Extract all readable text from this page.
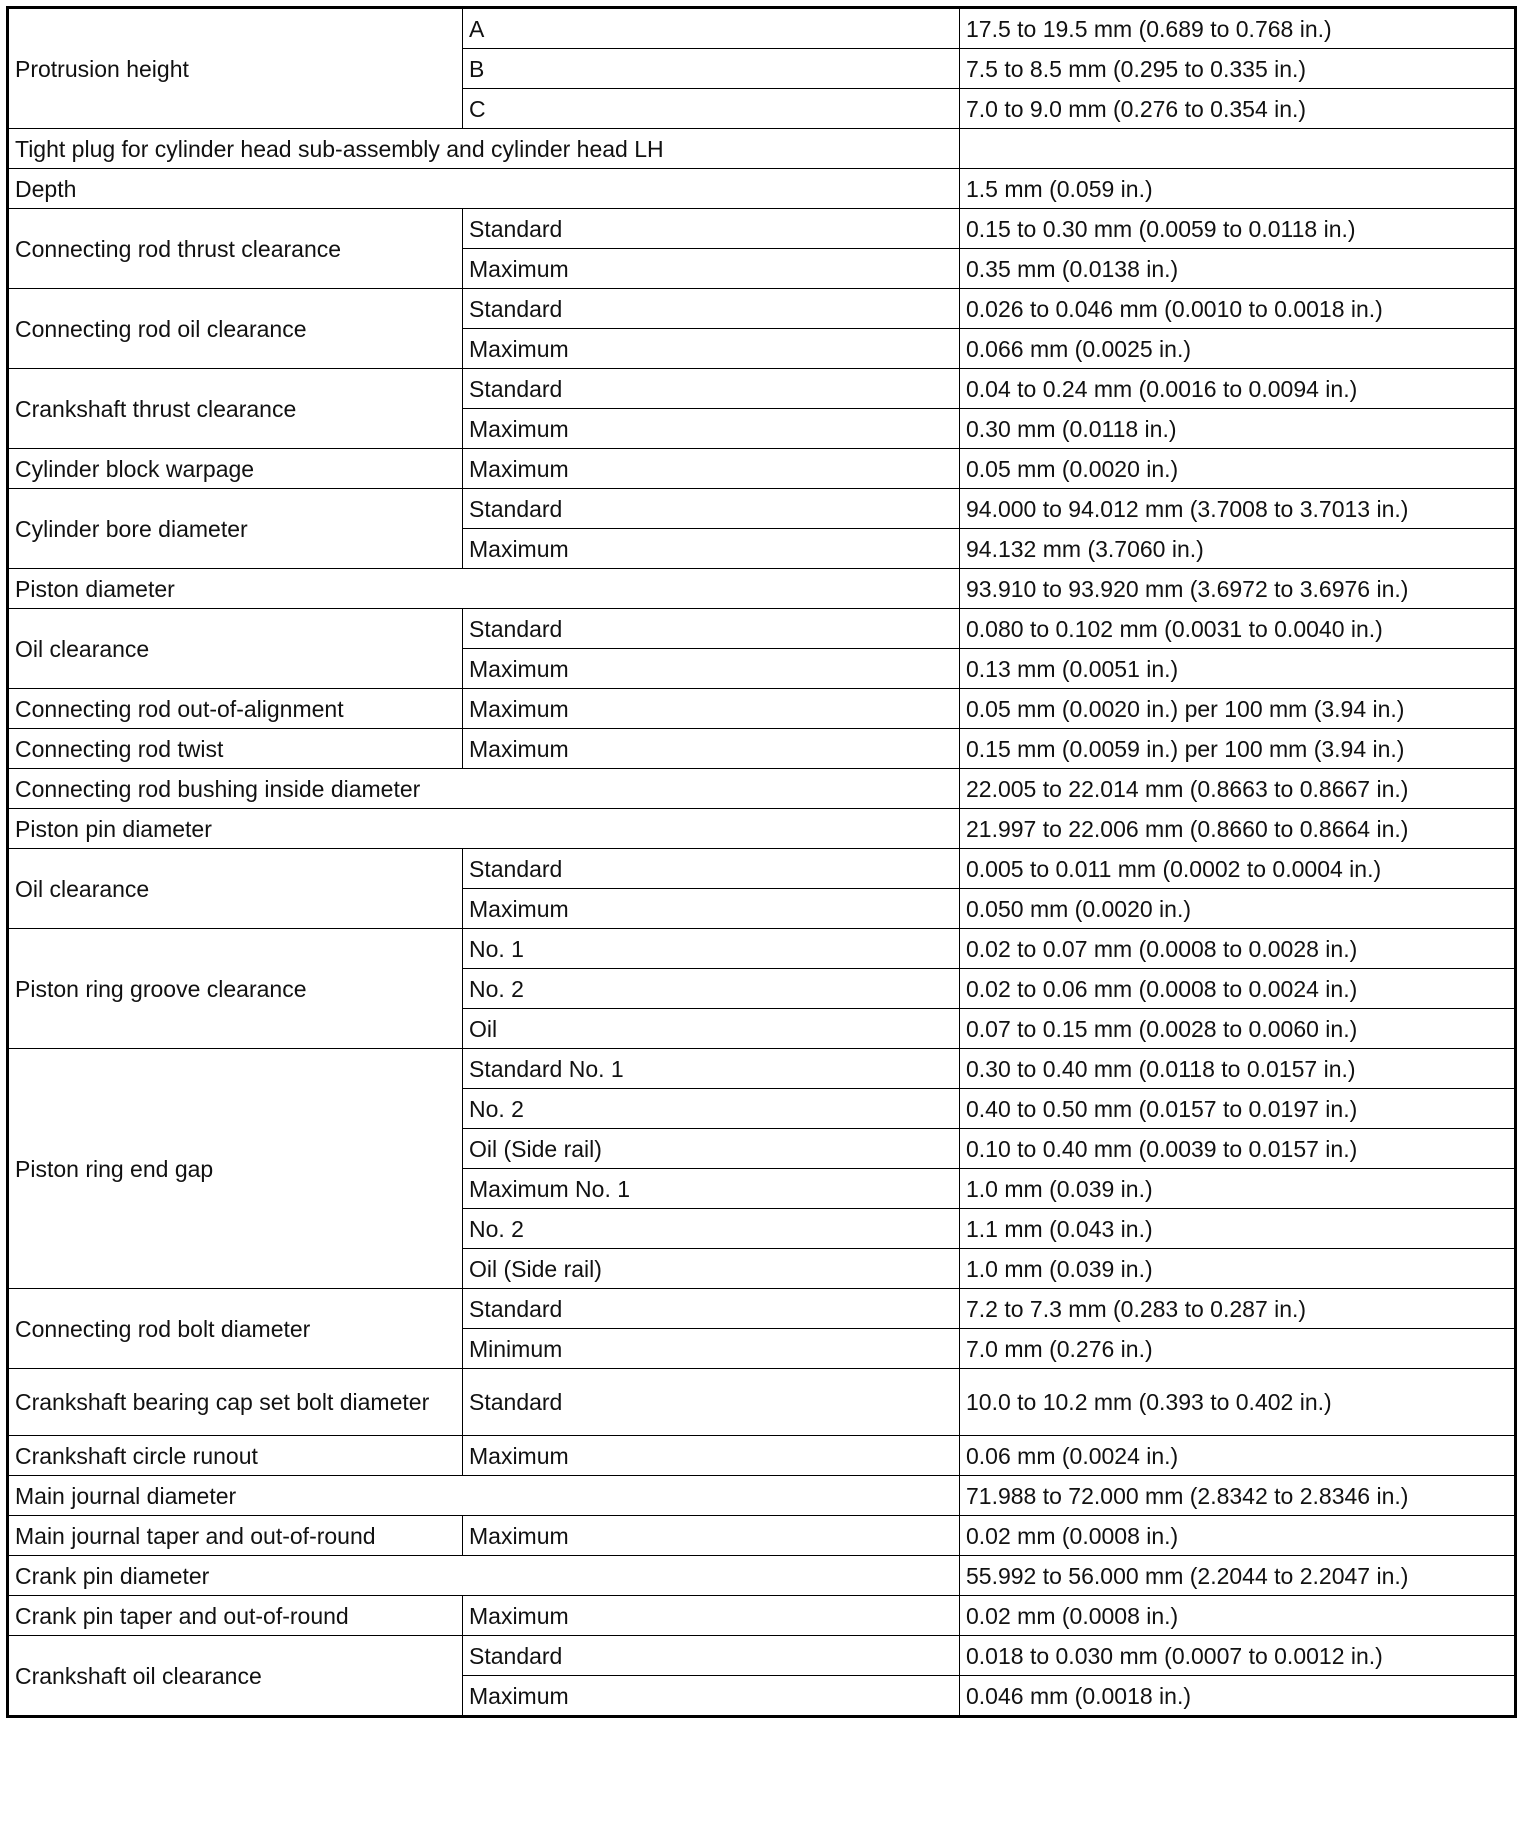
Protrusion height	A	17.5 to 19.5 mm (0.689 to 0.768 in.)
	B	7.5 to 8.5 mm (0.295 to 0.335 in.)
	C	7.0 to 9.0 mm (0.276 to 0.354 in.)
Tight plug for cylinder head sub-assembly and cylinder head LH		
Depth		1.5 mm (0.059 in.)
Connecting rod thrust clearance	Standard	0.15 to 0.30 mm (0.0059 to 0.0118 in.)
	Maximum	0.35 mm (0.0138 in.)
Connecting rod oil clearance	Standard	0.026 to 0.046 mm (0.0010 to 0.0018 in.)
	Maximum	0.066 mm (0.0025 in.)
Crankshaft thrust clearance	Standard	0.04 to 0.24 mm (0.0016 to 0.0094 in.)
	Maximum	0.30 mm (0.0118 in.)
Cylinder block warpage	Maximum	0.05 mm (0.0020 in.)
Cylinder bore diameter	Standard	94.000 to 94.012 mm (3.7008 to 3.7013 in.)
	Maximum	94.132 mm (3.7060 in.)
Piston diameter		93.910 to 93.920 mm (3.6972 to 3.6976 in.)
Oil clearance	Standard	0.080 to 0.102 mm (0.0031 to 0.0040 in.)
	Maximum	0.13 mm (0.0051 in.)
Connecting rod out-of-alignment	Maximum	0.05 mm (0.0020 in.) per 100 mm (3.94 in.)
Connecting rod twist	Maximum	0.15 mm (0.0059 in.) per 100 mm (3.94 in.)
Connecting rod bushing inside diameter		22.005 to 22.014 mm (0.8663 to 0.8667 in.)
Piston pin diameter		21.997 to 22.006 mm (0.8660 to 0.8664 in.)
Oil clearance	Standard	0.005 to 0.011 mm (0.0002 to 0.0004 in.)
	Maximum	0.050 mm (0.0020 in.)
Piston ring groove clearance	No. 1	0.02 to 0.07 mm (0.0008 to 0.0028 in.)
	No. 2	0.02 to 0.06 mm (0.0008 to 0.0024 in.)
	Oil	0.07 to 0.15 mm (0.0028 to 0.0060 in.)
Piston ring end gap	Standard No. 1	0.30 to 0.40 mm (0.0118 to 0.0157 in.)
	No. 2	0.40 to 0.50 mm (0.0157 to 0.0197 in.)
	Oil (Side rail)	0.10 to 0.40 mm (0.0039 to 0.0157 in.)
	Maximum No. 1	1.0 mm (0.039 in.)
	No. 2	1.1 mm (0.043 in.)
	Oil (Side rail)	1.0 mm (0.039 in.)
Connecting rod bolt diameter	Standard	7.2 to 7.3 mm (0.283 to 0.287 in.)
	Minimum	7.0 mm (0.276 in.)
Crankshaft bearing cap set bolt diameter	Standard	10.0 to 10.2 mm (0.393 to 0.402 in.)
Crankshaft circle runout	Maximum	0.06 mm (0.0024 in.)
Main journal diameter		71.988 to 72.000 mm (2.8342 to 2.8346 in.)
Main journal taper and out-of-round	Maximum	0.02 mm (0.0008 in.)
Crank pin diameter		55.992 to 56.000 mm (2.2044 to 2.2047 in.)
Crank pin taper and out-of-round	Maximum	0.02 mm (0.0008 in.)
Crankshaft oil clearance	Standard	0.018 to 0.030 mm (0.0007 to 0.0012 in.)
	Maximum	0.046 mm (0.0018 in.)
